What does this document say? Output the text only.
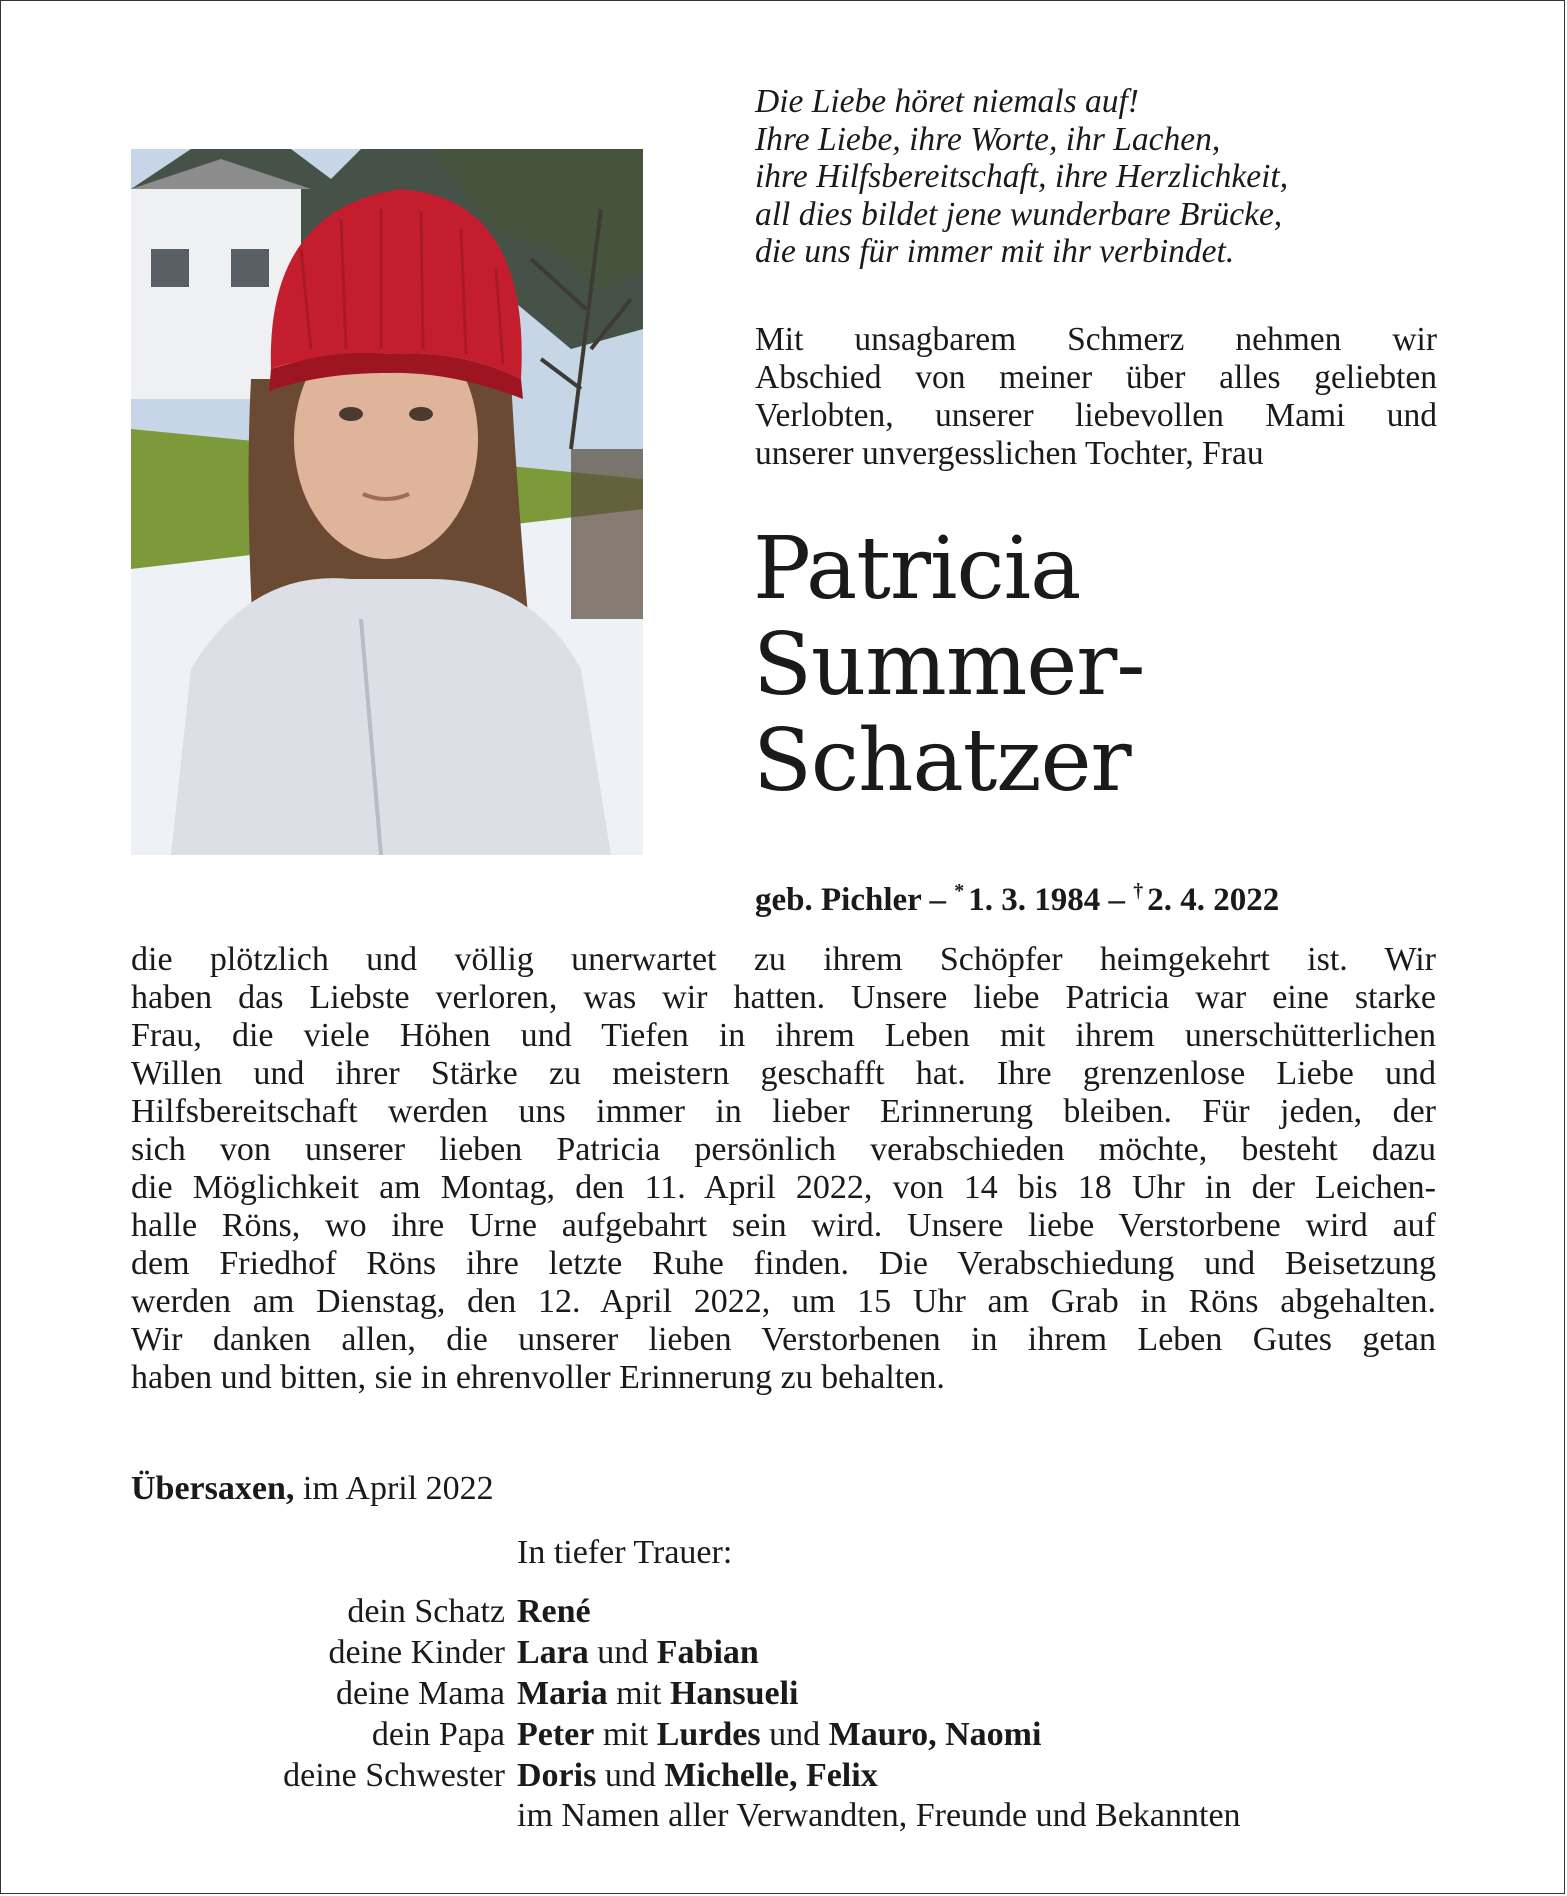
Die Liebe höret niemals auf!
Ihre Liebe, ihre Worte, ihr Lachen,
ihre Hilfsbereitschaft, ihre Herzlichkeit,
all dies bildet jene wunderbare Brücke,
die uns für immer mit ihr verbindet.
Mit unsagbarem Schmerz nehmen wir
Abschied von meiner über alles geliebten
Verlobten, unserer liebevollen Mami und
unserer unvergesslichen Tochter, Frau
Patricia
Summer-
Schatzer
geb. Pichler – * 1. 3. 1984 – † 2. 4. 2022
die plötzlich und völlig unerwartet zu ihrem Schöpfer heimgekehrt ist. Wir
haben das Liebste verloren, was wir hatten. Unsere liebe Patricia war eine starke
Frau, die viele Höhen und Tiefen in ihrem Leben mit ihrem unerschütterlichen
Willen und ihrer Stärke zu meistern geschafft hat. Ihre grenzenlose Liebe und
Hilfsbereitschaft werden uns immer in lieber Erinnerung bleiben. Für jeden, der
sich von unserer lieben Patricia persönlich verabschieden möchte, besteht dazu
die Möglichkeit am Montag, den 11. April 2022, von 14 bis 18 Uhr in der Leichen-
halle Röns, wo ihre Urne aufgebahrt sein wird. Unsere liebe Verstorbene wird auf
dem Friedhof Röns ihre letzte Ruhe finden. Die Verabschiedung und Beisetzung
werden am Dienstag, den 12. April 2022, um 15 Uhr am Grab in Röns abgehalten.
Wir danken allen, die unserer lieben Verstorbenen in ihrem Leben Gutes getan
haben und bitten, sie in ehrenvoller Erinnerung zu behalten.
Übersaxen, im April 2022
In tiefer Trauer:
dein Schatz René
deine Kinder Lara und Fabian
deine Mama Maria mit Hansueli
dein Papa Peter mit Lurdes und Mauro, Naomi
deine Schwester Doris und Michelle, Felix
im Namen aller Verwandten, Freunde und Bekannten
